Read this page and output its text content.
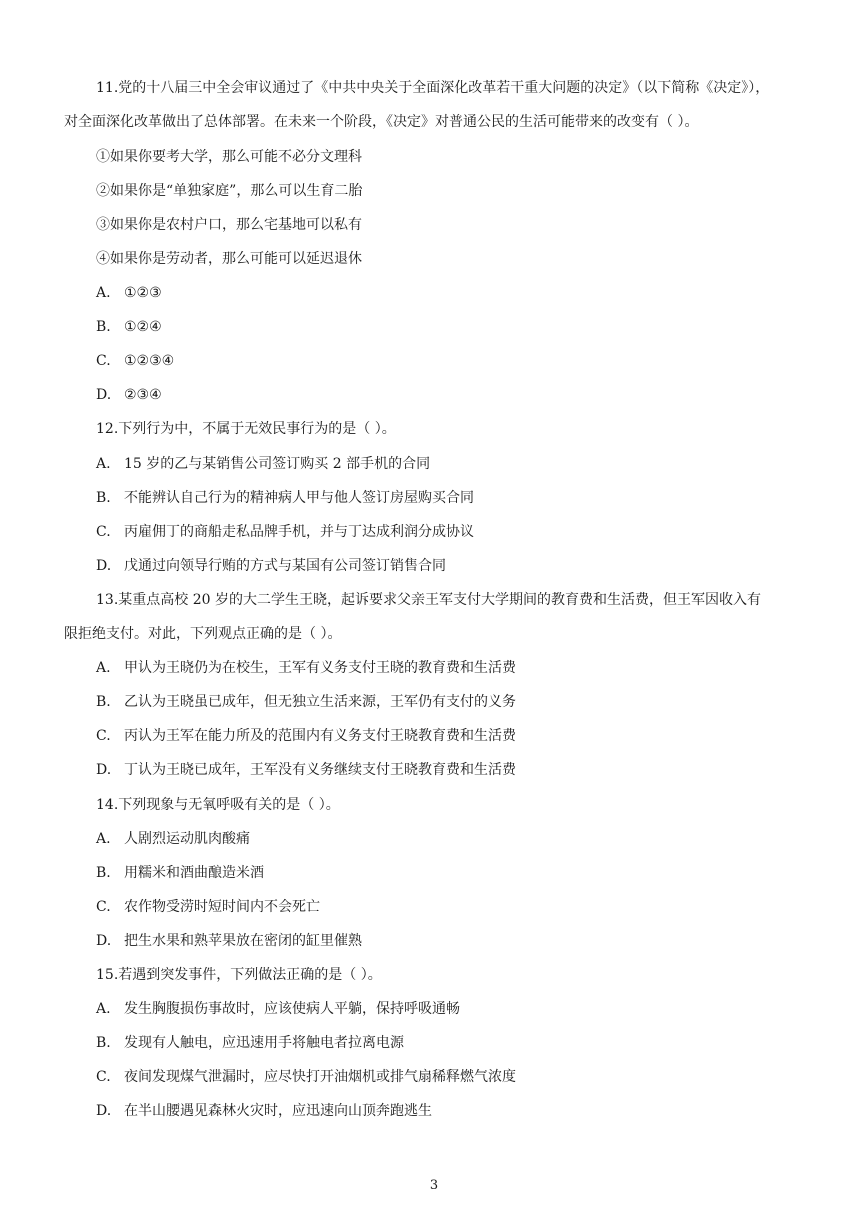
11.党的十八届三中全会审议通过了《中共中央关于全面深化改革若干重大问题的决定》（以下简称《决定》），
对全面深化改革做出了总体部署。在未来一个阶段，《决定》对普通公民的生活可能带来的改变有（ ）。
①如果你要考大学，那么可能不必分文理科
②如果你是“单独家庭”，那么可以生育二胎
③如果你是农村户口，那么宅基地可以私有
④如果你是劳动者，那么可能可以延迟退休
A. ①②③
B. ①②④
C. ①②③④
D. ②③④
12.下列行为中，不属于无效民事行为的是（ ）。
A. 15 岁的乙与某销售公司签订购买 2 部手机的合同
B. 不能辨认自己行为的精神病人甲与他人签订房屋购买合同
C. 丙雇佣丁的商船走私品牌手机，并与丁达成利润分成协议
D. 戊通过向领导行贿的方式与某国有公司签订销售合同
13.某重点高校 20 岁的大二学生王晓，起诉要求父亲王军支付大学期间的教育费和生活费，但王军因收入有
限拒绝支付。对此，下列观点正确的是（ ）。
A. 甲认为王晓仍为在校生，王军有义务支付王晓的教育费和生活费
B. 乙认为王晓虽已成年，但无独立生活来源，王军仍有支付的义务
C. 丙认为王军在能力所及的范围内有义务支付王晓教育费和生活费
D. 丁认为王晓已成年，王军没有义务继续支付王晓教育费和生活费
14.下列现象与无氧呼吸有关的是（ ）。
A. 人剧烈运动肌肉酸痛
B. 用糯米和酒曲酿造米酒
C. 农作物受涝时短时间内不会死亡
D. 把生水果和熟苹果放在密闭的缸里催熟
15.若遇到突发事件，下列做法正确的是（ ）。
A. 发生胸腹损伤事故时，应该使病人平躺，保持呼吸通畅
B. 发现有人触电，应迅速用手将触电者拉离电源
C. 夜间发现煤气泄漏时，应尽快打开油烟机或排气扇稀释燃气浓度
D. 在半山腰遇见森林火灾时，应迅速向山顶奔跑逃生
3
